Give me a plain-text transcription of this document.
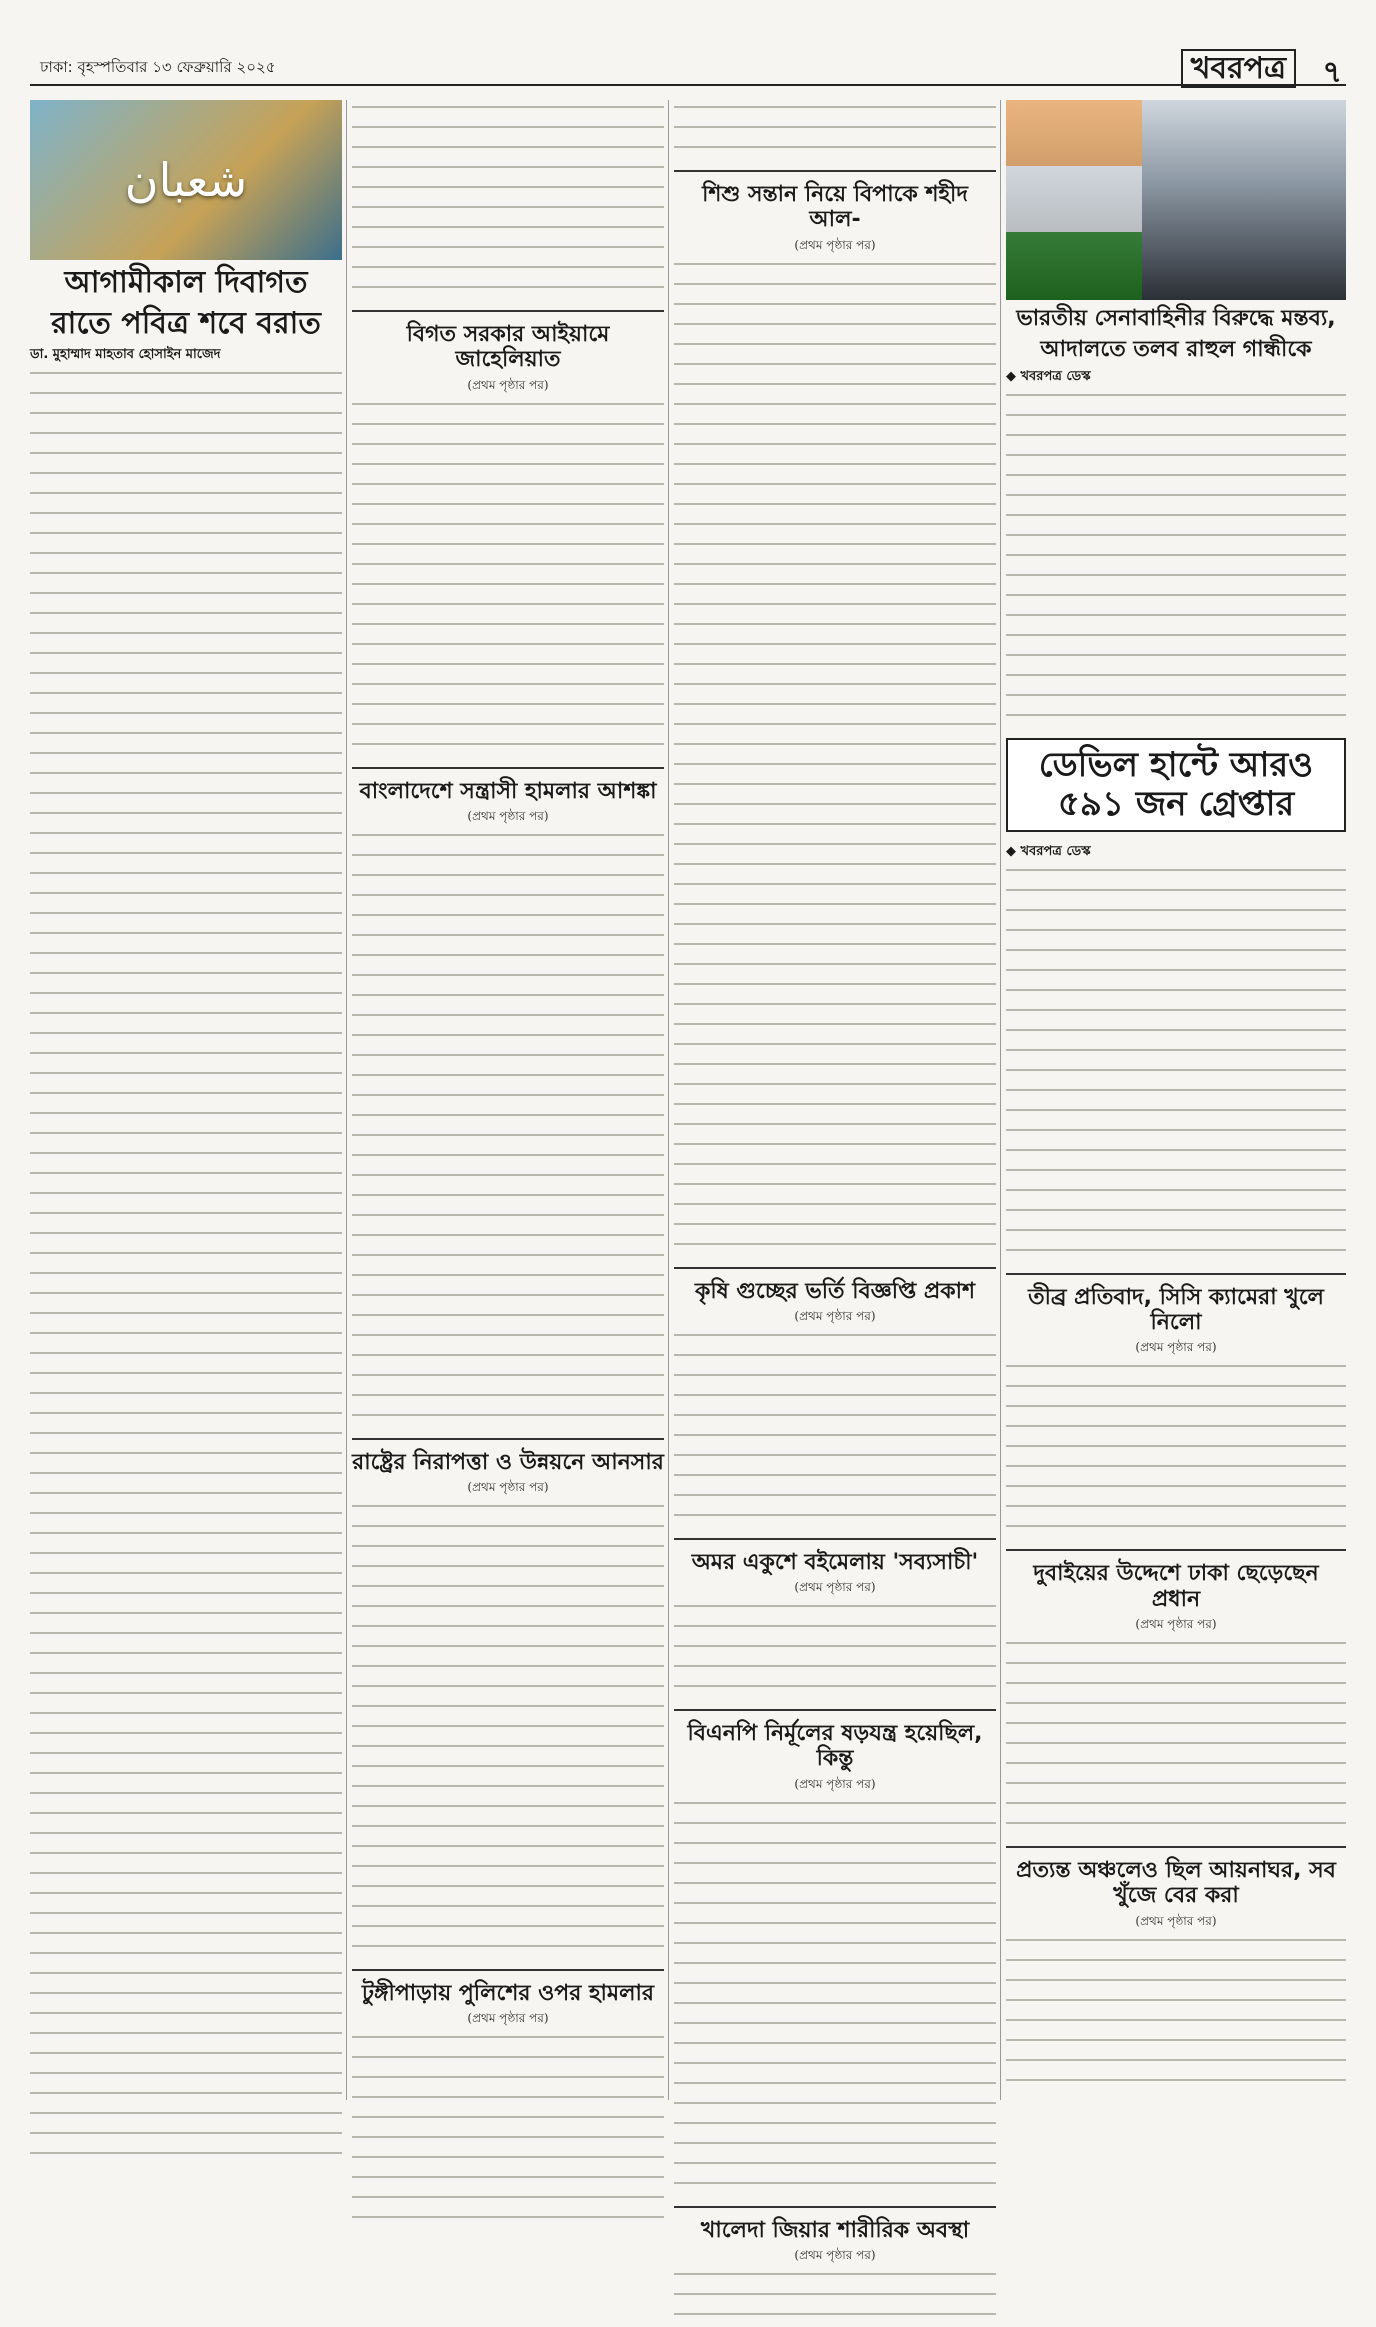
ঢাকা: বৃহস্পতিবার ১৩ ফেব্রুয়ারি ২০২৫	খবরপত্র	৭
شعبان
আগামীকাল দিবাগত
রাতে পবিত্র শবে বরাত
ডা. মুহাম্মাদ মাহতাব হোসাইন মাজেদ
বিগত সরকার আইয়ামে জাহেলিয়াত
(প্রথম পৃষ্ঠার পর)
বাংলাদেশে সন্ত্রাসী হামলার আশঙ্কা
(প্রথম পৃষ্ঠার পর)
রাষ্ট্রের নিরাপত্তা ও উন্নয়নে আনসার
(প্রথম পৃষ্ঠার পর)
টুঙ্গীপাড়ায় পুলিশের ওপর হামলার
(প্রথম পৃষ্ঠার পর)
শিশু সন্তান নিয়ে বিপাকে শহীদ আল-
(প্রথম পৃষ্ঠার পর)
কৃষি গুচ্ছের ভর্তি বিজ্ঞপ্তি প্রকাশ
(প্রথম পৃষ্ঠার পর)
অমর একুশে বইমেলায় 'সব্যসাচী'
(প্রথম পৃষ্ঠার পর)
বিএনপি নির্মূলের ষড়যন্ত্র হয়েছিল, কিন্তু
(প্রথম পৃষ্ঠার পর)
খালেদা জিয়ার শারীরিক অবস্থা
(প্রথম পৃষ্ঠার পর)
ভারতীয় সেনাবাহিনীর বিরুদ্ধে মন্তব্য,
আদালতে তলব রাহুল গান্ধীকে
◆ খবরপত্র ডেস্ক
ডেভিল হান্টে আরও
৫৯১ জন গ্রেপ্তার
◆ খবরপত্র ডেস্ক
তীব্র প্রতিবাদ, সিসি ক্যামেরা খুলে নিলো
(প্রথম পৃষ্ঠার পর)
দুবাইয়ের উদ্দেশে ঢাকা ছেড়েছেন প্রধান
(প্রথম পৃষ্ঠার পর)
প্রত্যন্ত অঞ্চলেও ছিল আয়নাঘর, সব খুঁজে বের করা
(প্রথম পৃষ্ঠার পর)
